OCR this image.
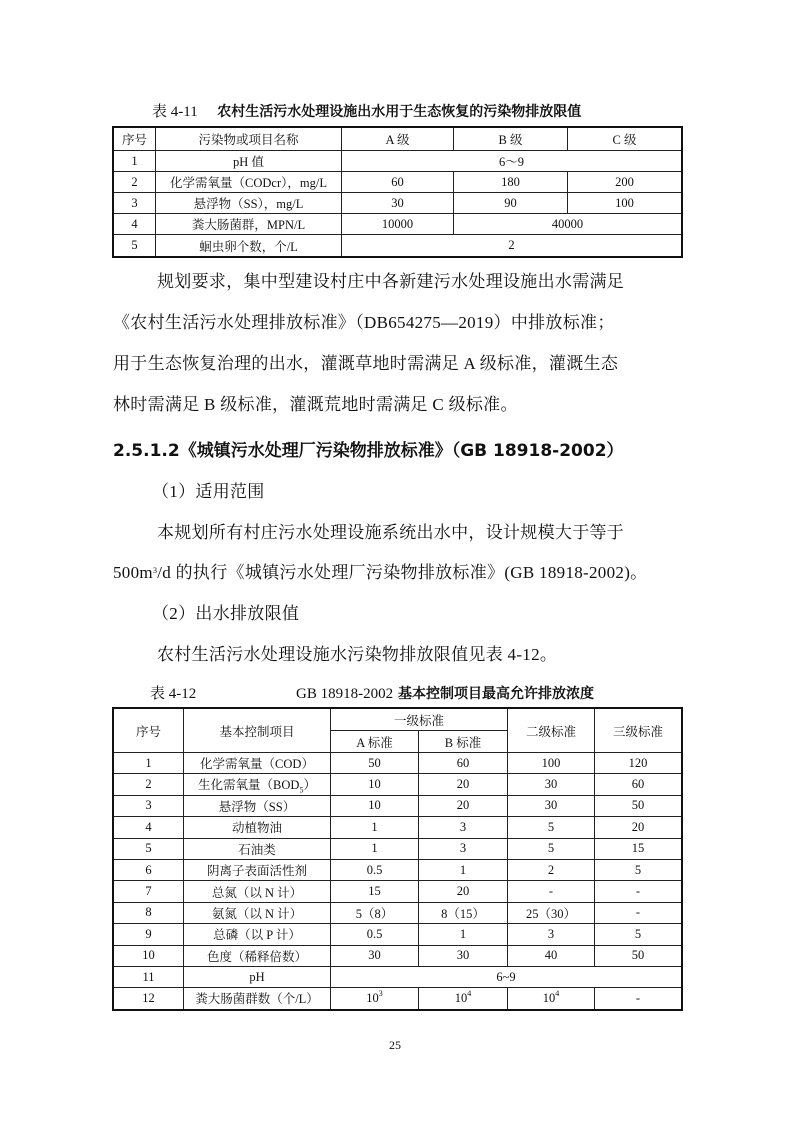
表 4-11 农村生活污水处理设施出水用于生态恢复的污染物排放限值
序号	污染物或项目名称	A 级	B 级	C 级
1	pH 值	6～9		
2	化学需氧量（CODcr），mg/L	60	180	200
3	悬浮物（SS），mg/L	30	90	100
4	粪大肠菌群，MPN/L	10000	40000	
5	蛔虫卵个数，个/L	2		
规划要求，集中型建设村庄中各新建污水处理设施出水需满足
《农村生活污水处理排放标准》（DB654275—2019）中排放标准；
用于生态恢复治理的出水，灌溉草地时需满足 A 级标准，灌溉生态
林时需满足 B 级标准，灌溉荒地时需满足 C 级标准。
2.5.1.2《城镇污水处理厂污染物排放标准》（GB 18918-2002）
（1）适用范围
本规划所有村庄污水处理设施系统出水中，设计规模大于等于
$500m^3/d$ 的执行《城镇污水处理厂污染物排放标准》(GB 18918-2002)。
（2）出水排放限值
农村生活污水处理设施水污染物排放限值见表 4-12。
表 4-12	GB 18918-2002 基本控制项目最高允许排放浓度
序号	基本控制项目	一级标准		二级标准	三级标准
		A 标准	B 标准		
1	化学需氧量（COD）	50	60	100	120
2	生化需氧量$(BOD_5)$	10	20	30	60
3	悬浮物（SS）	10	20	30	50
4	动植物油	1	3	5	20
5	石油类	1	3	5	15
6	阴离子表面活性剂	0.5	1	2	5
7	总氮（以 N 计）	15	20	-	-
8	氨氮（以 N 计）	5（8）	8（15）	25（30）	-
9	总磷（以 P 计）	0.5	1	3	5
10	色度（稀释倍数）	30	30	40	50
11	pH	6~9			
12	粪大肠菌群数（个/L）	$10^3$	$10^4$	$10^4$	-
25
